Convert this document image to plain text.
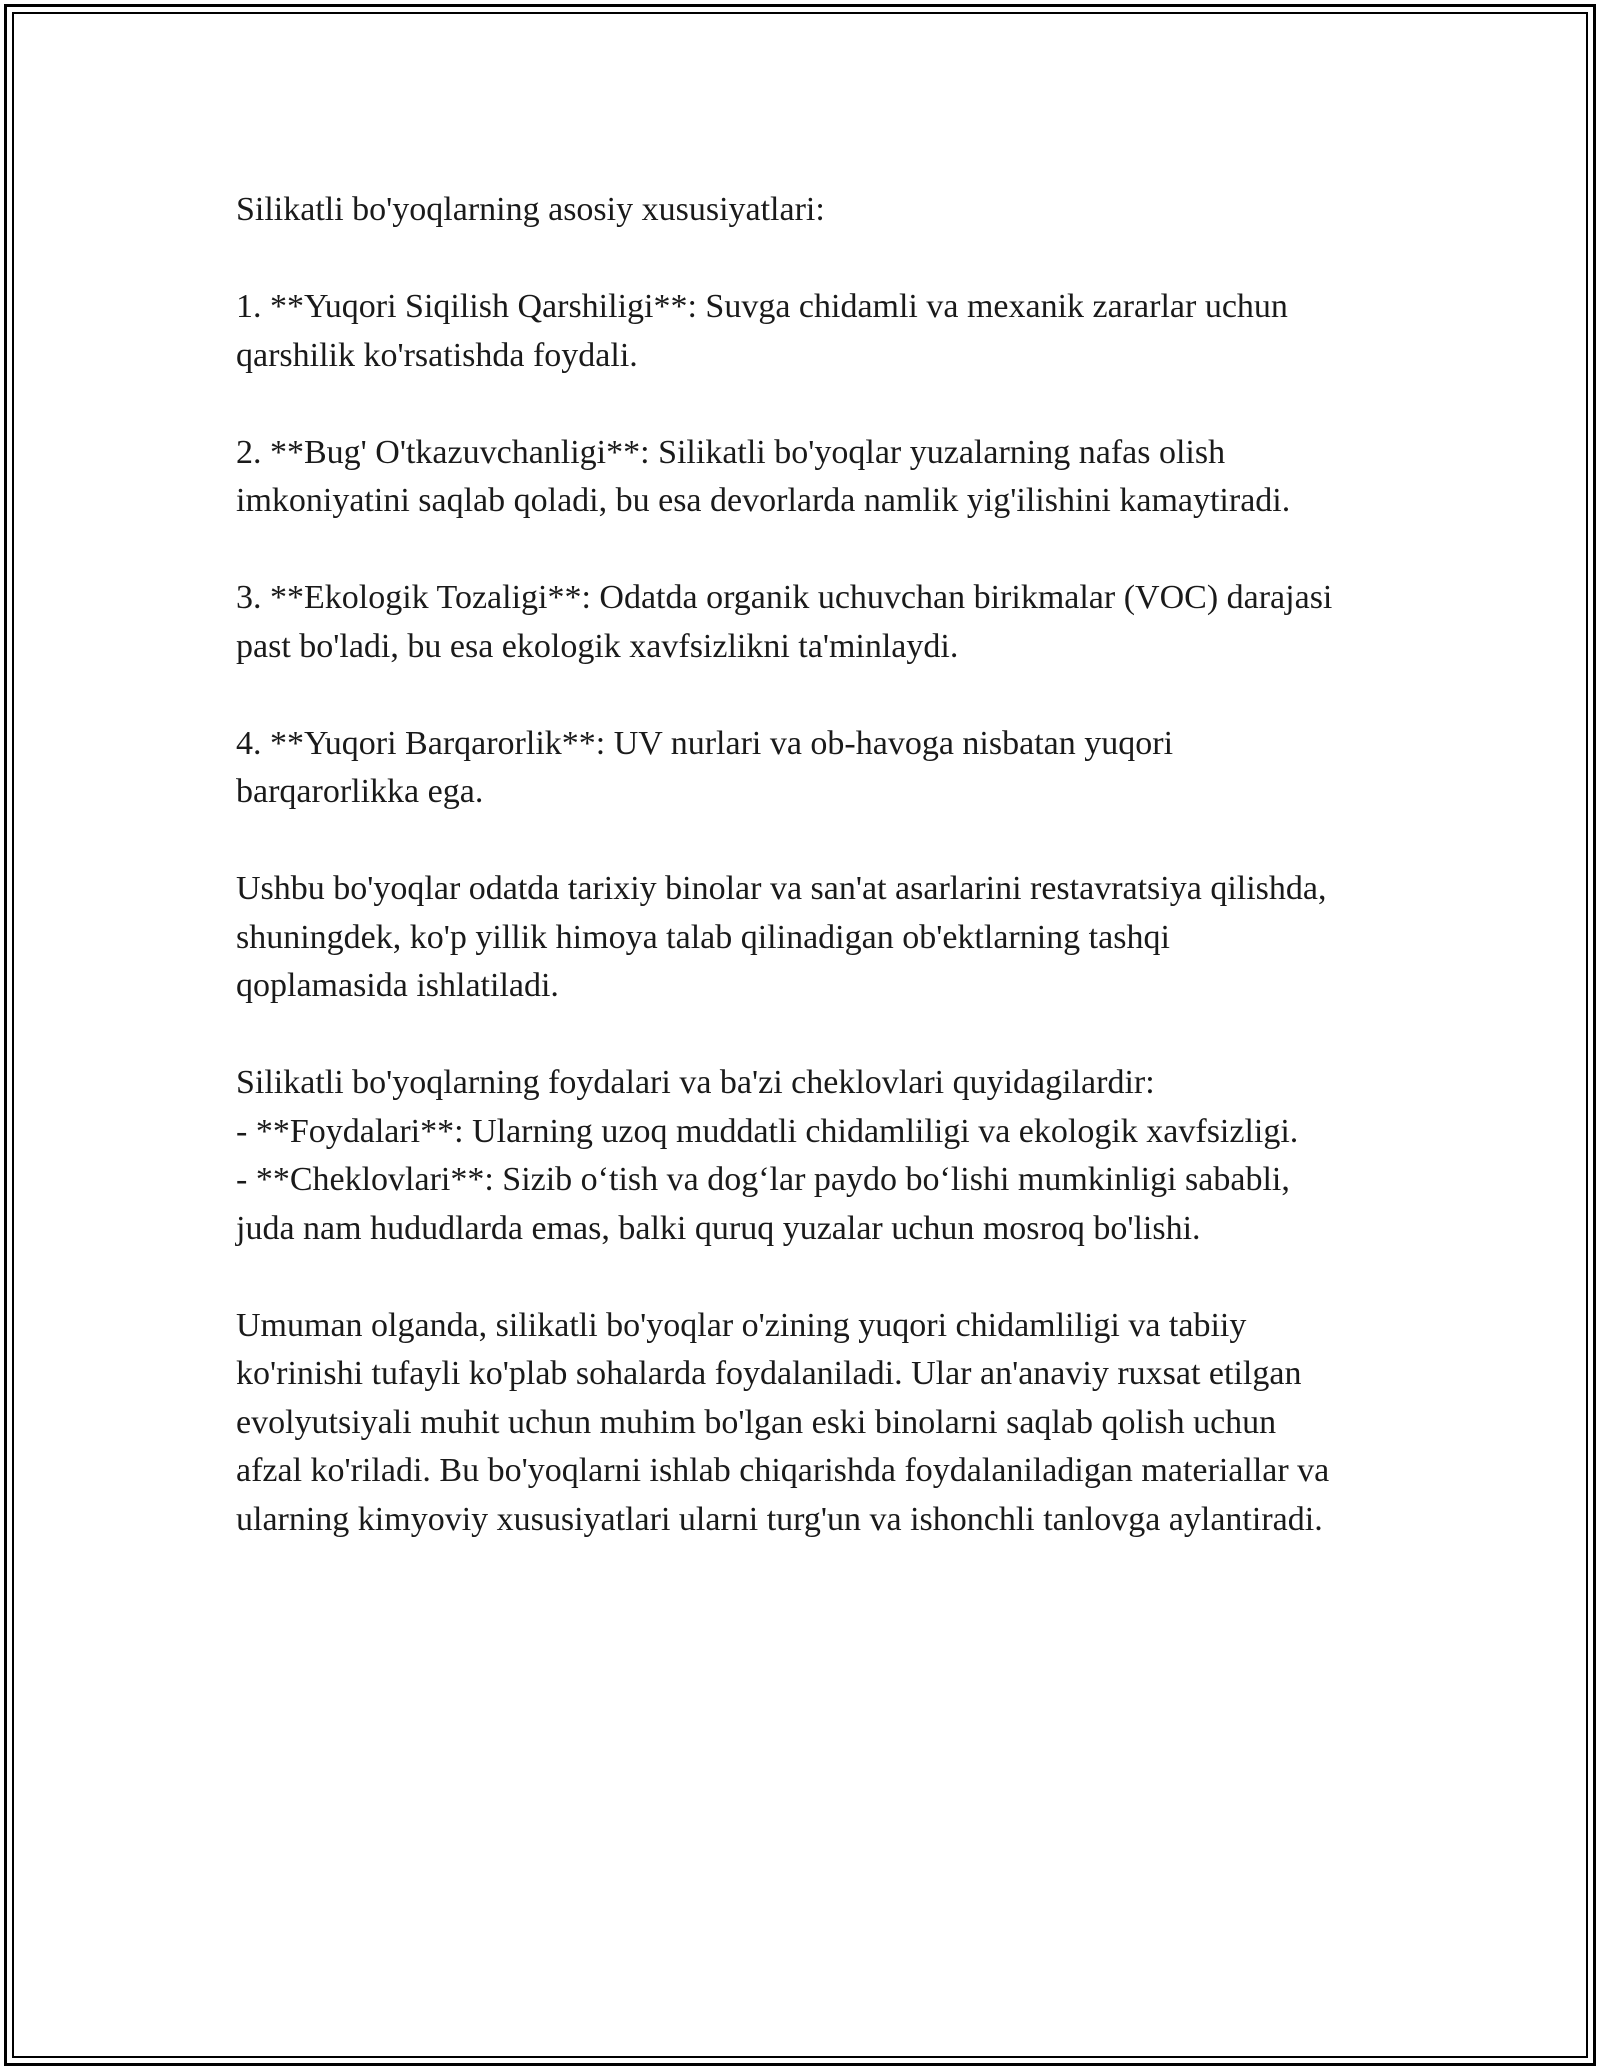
Silikatli bo'yoqlarning asosiy xususiyatlari:

1. **Yuqori Siqilish Qarshiligi**: Suvga chidamli va mexanik zararlar uchun qarshilik ko'rsatishda foydali.

2. **Bug' O'tkazuvchanligi**: Silikatli bo'yoqlar yuzalarning nafas olish imkoniyatini saqlab qoladi, bu esa devorlarda namlik yig'ilishini kamaytiradi.

3. **Ekologik Tozaligi**: Odatda organik uchuvchan birikmalar (VOC) darajasi past bo'ladi, bu esa ekologik xavfsizlikni ta'minlaydi.

4. **Yuqori Barqarorlik**: UV nurlari va ob-havoga nisbatan yuqori barqarorlikka ega.

Ushbu bo'yoqlar odatda tarixiy binolar va san'at asarlarini restavratsiya qilishda, shuningdek, ko'p yillik himoya talab qilinadigan ob'ektlarning tashqi qoplamasida ishlatiladi.

Silikatli bo'yoqlarning foydalari va ba'zi cheklovlari quyidagilardir:

- **Foydalari**: Ularning uzoq muddatli chidamliligi va ekologik xavfsizligi.

- **Cheklovlari**: Sizib o‘tish va dog‘lar paydo bo‘lishi mumkinligi sababli, juda nam hududlarda emas, balki quruq yuzalar uchun mosroq bo'lishi.

Umuman olganda, silikatli bo'yoqlar o'zining yuqori chidamliligi va tabiiy ko'rinishi tufayli ko'plab sohalarda foydalaniladi. Ular an'anaviy ruxsat etilgan evolyutsiyali muhit uchun muhim bo'lgan eski binolarni saqlab qolish uchun afzal ko'riladi. Bu bo'yoqlarni ishlab chiqarishda foydalaniladigan materiallar va ularning kimyoviy xususiyatlari ularni turg'un va ishonchli tanlovga aylantiradi.
